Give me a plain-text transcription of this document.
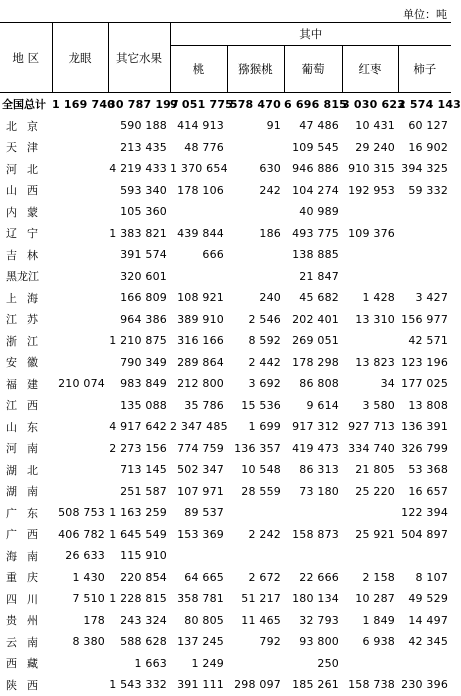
单位：吨
地 区	龙眼	其它水果	其中				
			桃	猕猴桃	葡萄	红枣	柿子
全国总计	1 169 740	30 787 197	9 051 775	578 470	6 696 815	3 030 623	2 574 143
北京		590 188	414 913	91	47 486	10 431	60 127
天津		213 435	48 776		109 545	29 240	16 902
河北		4 219 433	1 370 654	630	946 886	910 315	394 325
山西		593 340	178 106	242	104 274	192 953	59 332
内蒙		105 360			40 989		
辽宁		1 383 821	439 844	186	493 775	109 376	
吉林		391 574	666		138 885		
黑龙江		320 601			21 847		
上海		166 809	108 921	240	45 682	1 428	3 427
江苏		964 386	389 910	2 546	202 401	13 310	156 977
浙江		1 210 875	316 166	8 592	269 051		42 571
安徽		790 349	289 864	2 442	178 298	13 823	123 196
福建	210 074	983 849	212 800	3 692	86 808	34	177 025
江西		135 088	35 786	15 536	9 614	3 580	13 808
山东		4 917 642	2 347 485	1 699	917 312	927 713	136 391
河南		2 273 156	774 759	136 357	419 473	334 740	326 799
湖北		713 145	502 347	10 548	86 313	21 805	53 368
湖南		251 587	107 971	28 559	73 180	25 220	16 657
广东	508 753	1 163 259	89 537				122 394
广西	406 782	1 645 549	153 369	2 242	158 873	25 921	504 897
海南	26 633	115 910					
重庆	1 430	220 854	64 665	2 672	22 666	2 158	8 107
四川	7 510	1 228 815	358 781	51 217	180 134	10 287	49 529
贵州	178	243 324	80 805	11 465	32 793	1 849	14 497
云南	8 380	588 628	137 245	792	93 800	6 938	42 345
西藏		1 663	1 249		250		
陕西		1 543 332	391 111	298 097	185 261	158 738	230 396
